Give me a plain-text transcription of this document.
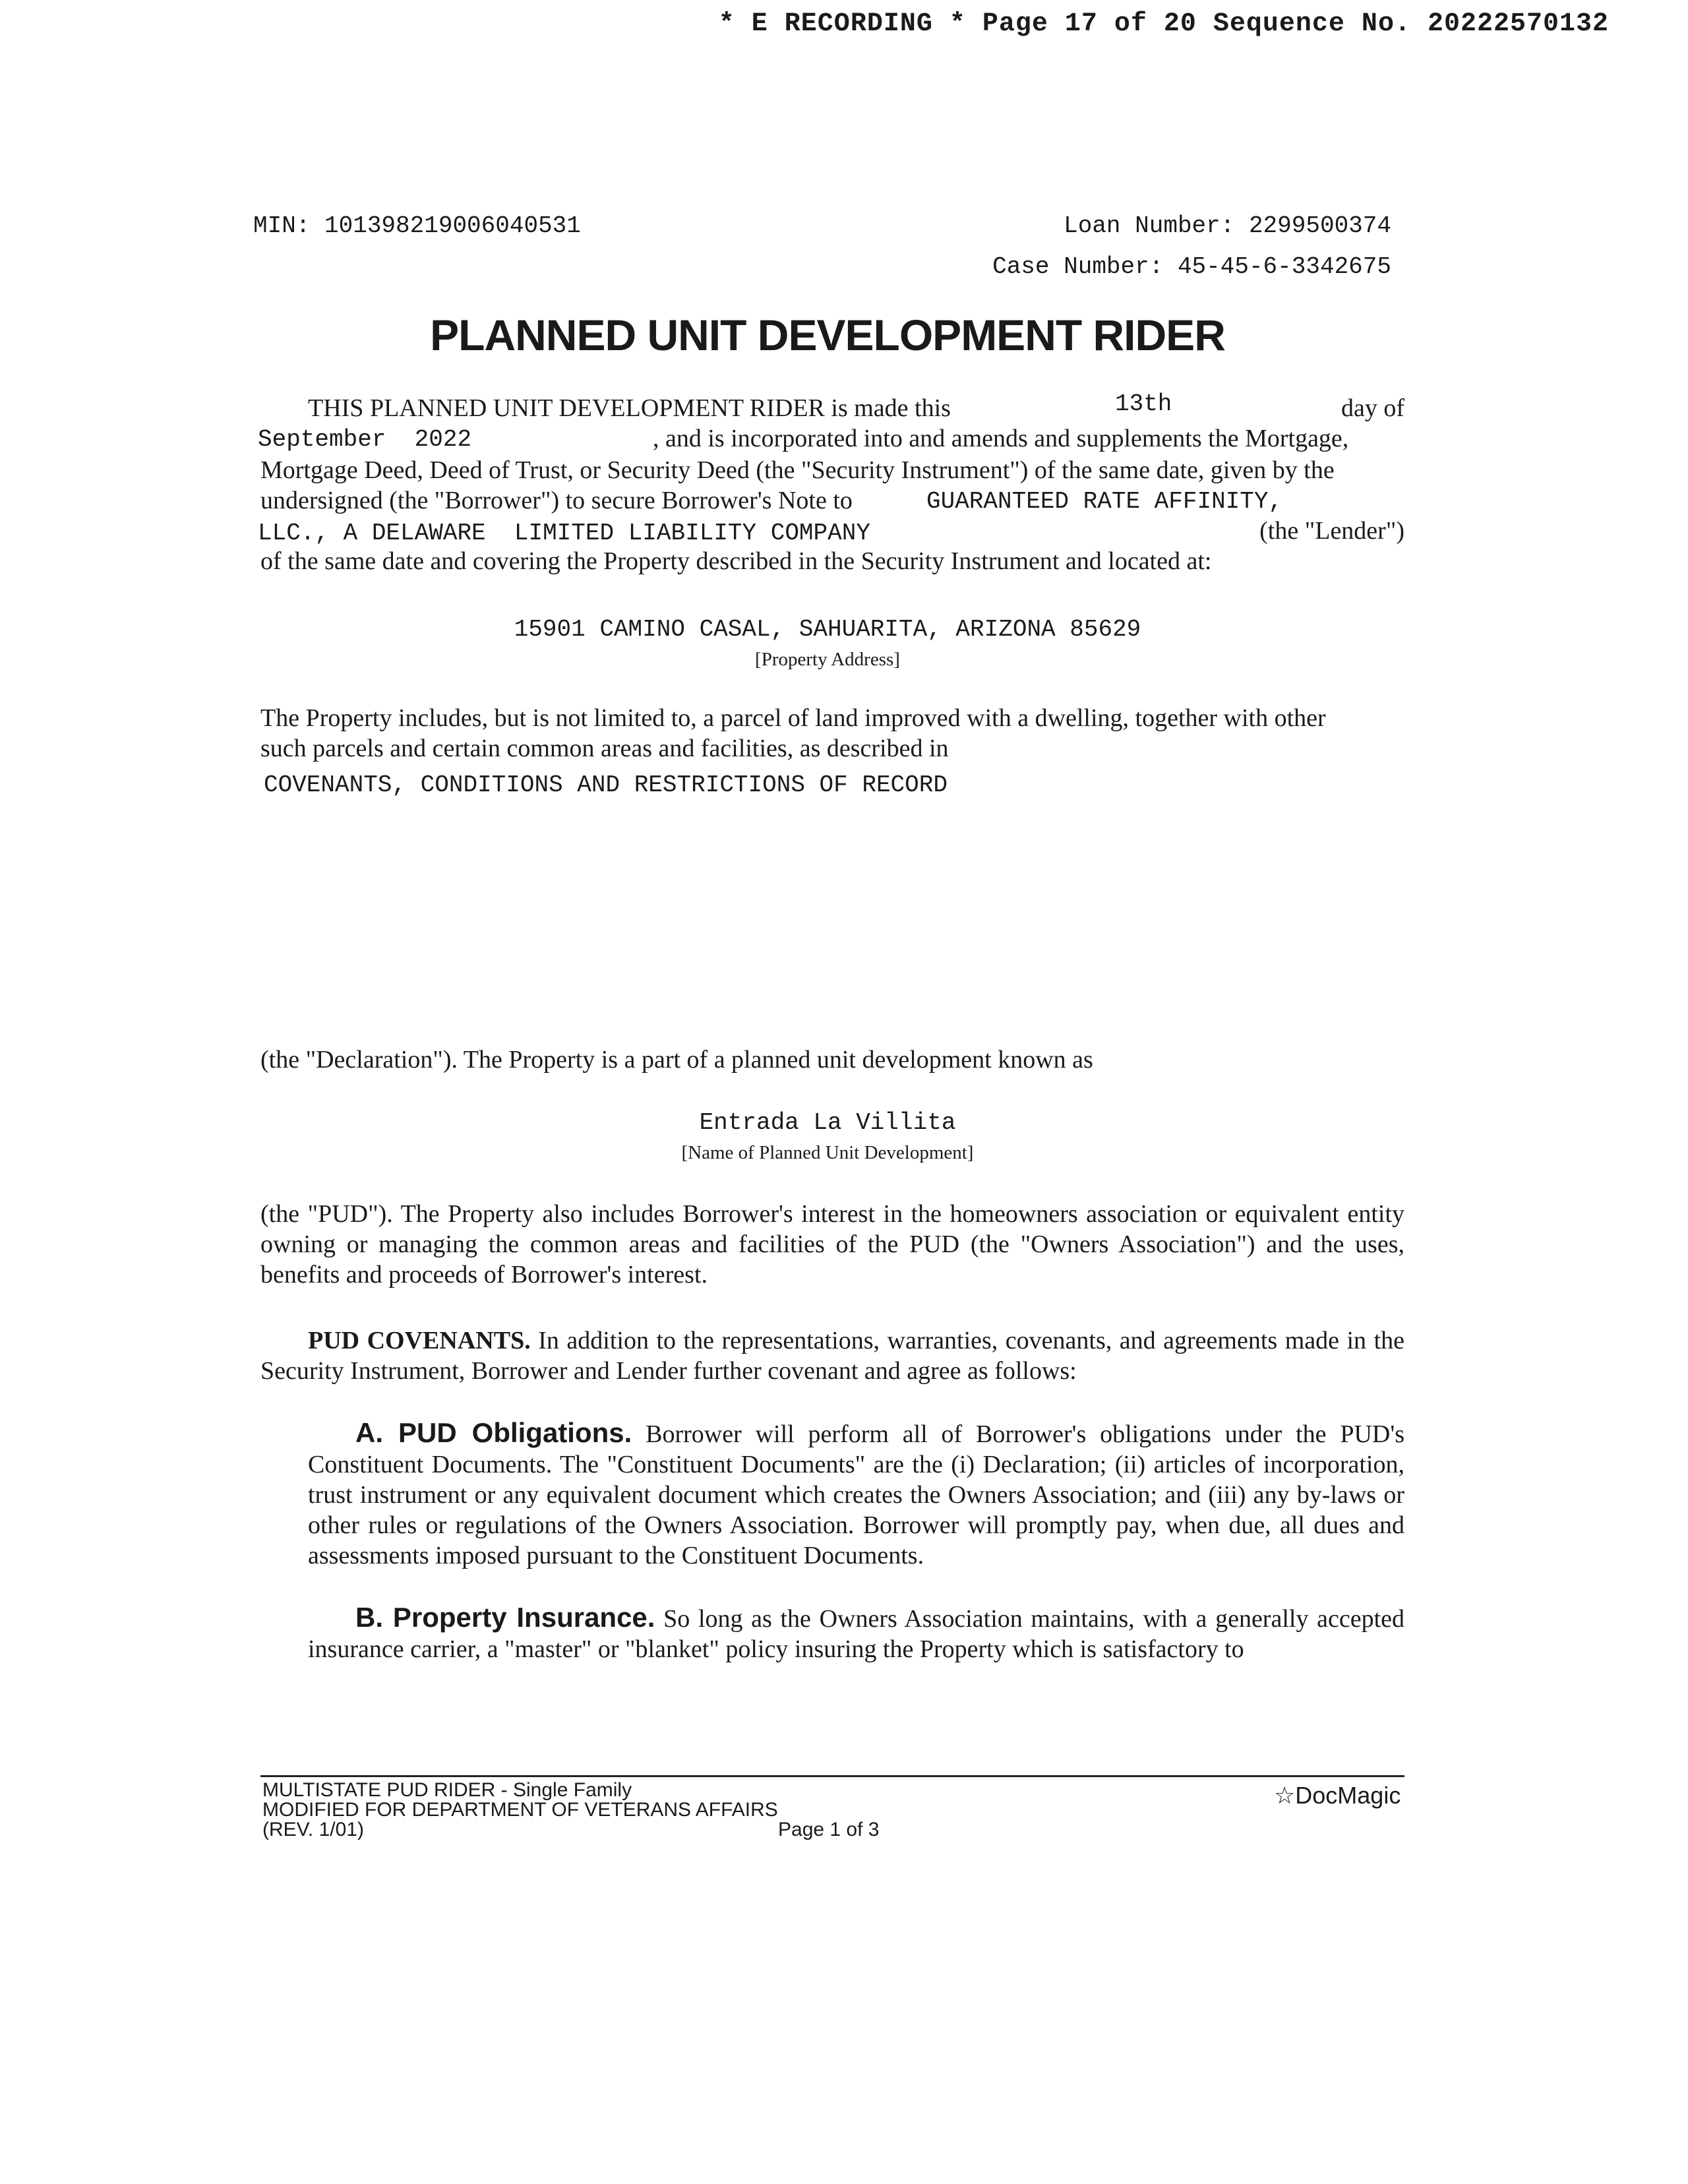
* E RECORDING * Page 17 of 20 Sequence No. 20222570132
MIN: 101398219006040531	Loan Number: 2299500374
Case Number: 45-45-6-3342675
PLANNED UNIT DEVELOPMENT RIDER
THIS PLANNED UNIT DEVELOPMENT RIDER is made this	13th	day of
September  2022	, and is incorporated into and amends and supplements the Mortgage,
Mortgage Deed, Deed of Trust, or Security Deed (the "Security Instrument") of the same date, given by the
undersigned (the "Borrower") to secure Borrower's Note to	GUARANTEED RATE AFFINITY,
LLC., A DELAWARE  LIMITED LIABILITY COMPANY	(the "Lender")
of the same date and covering the Property described in the Security Instrument and located at:
15901 CAMINO CASAL, SAHUARITA, ARIZONA 85629
[Property Address]
The Property includes, but is not limited to, a parcel of land improved with a dwelling, together with other
such parcels and certain common areas and facilities, as described in
COVENANTS, CONDITIONS AND RESTRICTIONS OF RECORD
(the "Declaration"). The Property is a part of a planned unit development known as
Entrada La Villita
[Name of Planned Unit Development]
(the "PUD"). The Property also includes Borrower's interest in the homeowners association or equivalent entity owning or managing the common areas and facilities of the PUD (the "Owners Association") and the uses, benefits and proceeds of Borrower's interest.
PUD COVENANTS. In addition to the representations, warranties, covenants, and agreements made in the Security Instrument, Borrower and Lender further covenant and agree as follows:
A. PUD Obligations. Borrower will perform all of Borrower's obligations under the PUD's Constituent Documents. The "Constituent Documents" are the (i) Declaration; (ii) articles of incorporation, trust instrument or any equivalent document which creates the Owners Association; and (iii) any by-laws or other rules or regulations of the Owners Association. Borrower will promptly pay, when due, all dues and assessments imposed pursuant to the Constituent Documents.
B. Property Insurance. So long as the Owners Association maintains, with a generally accepted insurance carrier, a "master" or "blanket" policy insuring the Property which is satisfactory to
MULTISTATE PUD RIDER - Single Family
MODIFIED FOR DEPARTMENT OF VETERANS AFFAIRS
(REV. 1/01)	Page 1 of 3
☆DocMagic
